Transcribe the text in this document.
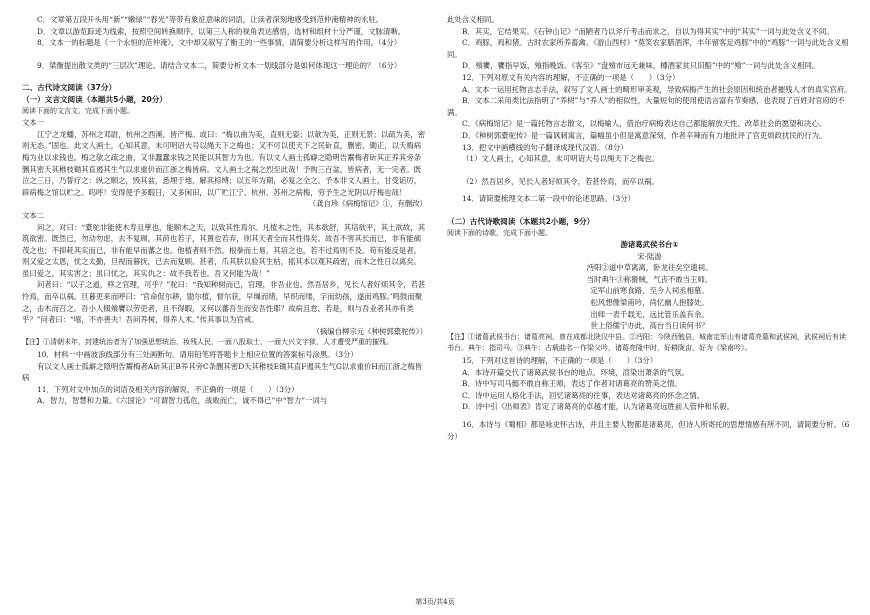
C．文章第五段开头用“新”“嫩绿”“春光”等带有象征意味的词语，让读者深刻地感受到范仲淹精神的永驻。

D．文章以游览踪迹为线索，按照空间转换顺序，以第三人称的视角表达感悟，选材和组材十分严谨，文脉清晰。

8．文本一的标题是《一个永恒的范仲淹》，文中却又叙写了衡王的一些事情，请简要分析这样写的作用。（4分）

9．梁衡提出散文类的“三层次”理论。请结合文本二，简要分析文本一划线部分是如何体现这一理论的？（6分）

二、古代诗文阅读（37分）

（一）文言文阅读（本题共5小题，20分）

阅读下面的文言文，完成下面小题。

文本一

江宁之龙蟠，苏州之邓尉，杭州之西溪，皆产梅。或曰：“梅以曲为美，直则无姿；以欹为美，正则无景；以疏为美，密则无态。”固也。此文人画士，心知其意，未可明诏大号以绳天下之梅也；又不可以使天下之民斫直，删密，锄正，以夭梅病梅为业以求钱也。梅之欹之疏之曲，又非蠢蠢求钱之民能以其智力为也。有以文人画士孤癖之隐明告鬻梅者斫其正养其旁条删其密夭其稚枝锄其直遏其生气以求重价而江浙之梅皆病。文人画士之祸之烈至此哉！予购三百盆，皆病者，无一完者。既泣之三日，乃誓疗之：纵之顺之，毁其盆，悉埋于地，解其棕缚；以五年为期，必复之全之。予本非文人画士，甘受诟厉，辟病梅之馆以贮之。呜呼！安得使予多暇日，又多闲田，以广贮江宁、杭州、苏州之病梅，穷予生之光阴以疗梅也哉！

（龚自珍《病梅馆记》①，有删改）

文本二

问之，对曰：“橐驼非能使木寿且孳也，能顺木之天，以致其性焉尔。凡植木之性，其本欲舒，其培欲平，其土欲故，其筑欲密。既然已，勿动勿虑，去不复顾。其莳也若子，其置也若弃，则其天者全而其性得矣。故吾不害其长而已，非有能硕茂之也；不抑耗其实而已，非有能早而蕃之也。他植者则不然。根拳而土易，其培之也，若不过焉则不及。苟有能反是者，则又爱之太恩，忧之太勤，旦视而暮抚，已去而复顾。甚者，爪其肤以验其生枯，摇其本以观其疏密，而木之性日以离矣。虽曰爱之，其实害之；虽曰忧之，其实仇之：故不我若也。吾又何能为哉！”

问者曰：“以子之道，移之官理，可乎？”驼曰：“我知种树而已，官理，非吾业也。然吾居乡，见长人者好烦其令，若甚怜焉，而卒以祸。旦暮吏来而呼曰：‘官命促尔耕，勖尔植，督尔获，早缫而绪，早织而缕，字而幼孩，遂而鸡豚。’鸣鼓而聚之，击木而召之。吾小人辍飧饔以劳吏者，且不得暇，又何以蕃吾生而安吾性耶？故病且怠。若是，则与吾业者其亦有类乎？”问者曰：“嘻，不亦善夫！吾问养树，得养人术。”传其事以为官戒。

（摘编自柳宗元《种树郭橐驼传》）

【注】①清朝末年，封建统治者为了加强思想统治，妆残人民，一面八股取士，一面大兴文字狱，人才遭受严重的摧残。

10．材料一中画波浪线部分有三处画断句。请用铅笔将答题卡上相应位置的答案标号涂黑。（3分）

有以文人画士孤癖之隐明告鬻梅者A斫其正B养其旁C条删其密D夭其稚枝E锄其直F遏其生气G以求重价H而江浙之梅皆病

11．下列对文中加点的词语及相关内容的解说，不正确的一项是（　　）（3分）

A．智力，智慧和力量。《六国论》“可谓智力孤危，战败而亡，诚不得已”中“智力”一词与

此处含义相同。

B．其实，它结果实。《石钟山记》“而陋者乃以斧斤考击而求之，自以为得其实”中的“其实”一词与此处含义不同。

C．鸡豚，鸡和猪。古时农家所养畜禽。《游山西村》“莫笑农家腊酒浑，丰年留客足鸡豚”中的“鸡豚”一词与此处含义相同。

D．飧饔，饔指早饭，飧指晚饭。《客至》“盘飧市远无兼味，樽酒家贫只旧醅”中的“飧”一词与此处含义相同。

12．下列对原文有关内容的理解，不正确的一项是（　　）（3分）

A．文本一运用托物言志手法，叙写了文人画士的畸形审美观，导致病梅产生的社会原因和统治者摧残人才的真实官府。

B．文本二采用类比法指明了“养树”与“养人”的相似性，大量短句的使用使语言富有节奏感，也表现了百姓对官府的不满。

C．《病梅馆记》是一篇托物言志散文，以梅喻人，借治疗病梅表达自己都能解放天性、改革社会的愿望和决心。

D．《种树郭橐驼传》是一篇讽刺寓言，篇幅虽小但是寓意深刻，作者辛辣而有力地批评了官吏烦政扰民的行为。

13．把文中画横线的句子翻译成现代汉语。（8分）

（1）文人画士，心知其意，未可明诏大号以绳天下之梅也。

（2）然吾居乡，见长人者好烦其令，若甚怜焉，而卒以祸。

14．请简要梳理文本二第一段中的论述思路。（3分）

（二）古代诗歌阅读（本题共2小题，9分）

阅读下面的诗歌，完成下面小题。

游诸葛武侯书台①

宋·陆游

沔阳②道中草离离，卧龙往矣空遗祠。

当时典午③称猾贼，气丧不敢当王师。

定军山前寒食路，至今人祠丞相墓。

松风想像梁甫吟，尚忆幽人抱膝处。

出师一表千载无，远比管乐盖有余。

世上俗儒宁办此，高台当日读何书？

【注】①诸葛武侯书台：诸葛亮祠，曾在成都北陕汉中县。②沔阳：今陕西勉县，城南定军山有诸葛亮墓和武侯祠，武侯祠后有读书台。典午：指司马。③典午：古载曲名一作梁父吟，诸葛亮隆中时，好耕陇亩，好为《梁甫吟》。

15．下列对这首诗的理解，不正确的一项是（　　）（3分）

A．本诗开篇交代了诸葛武侯书台的地点、环境，渲染出萧条的气氛。

B．诗中写司马懿不敢自称王师，表达了作者对诸葛亮的赞美之情。

C．诗中运用人格化手法，回忆诸葛亮的往事，表达对诸葛亮的怀念之情。

D．诗中引《出师表》肯定了诸葛亮的卓越才能，认为诸葛亮远胜前人管仲和乐毅。

16．本诗与《蜀相》都是咏史怀古诗，并且主要人物都是诸葛亮，但诗人所寄托的思想情感有所不同，请简要分析。（6分）

第3页/共4页
